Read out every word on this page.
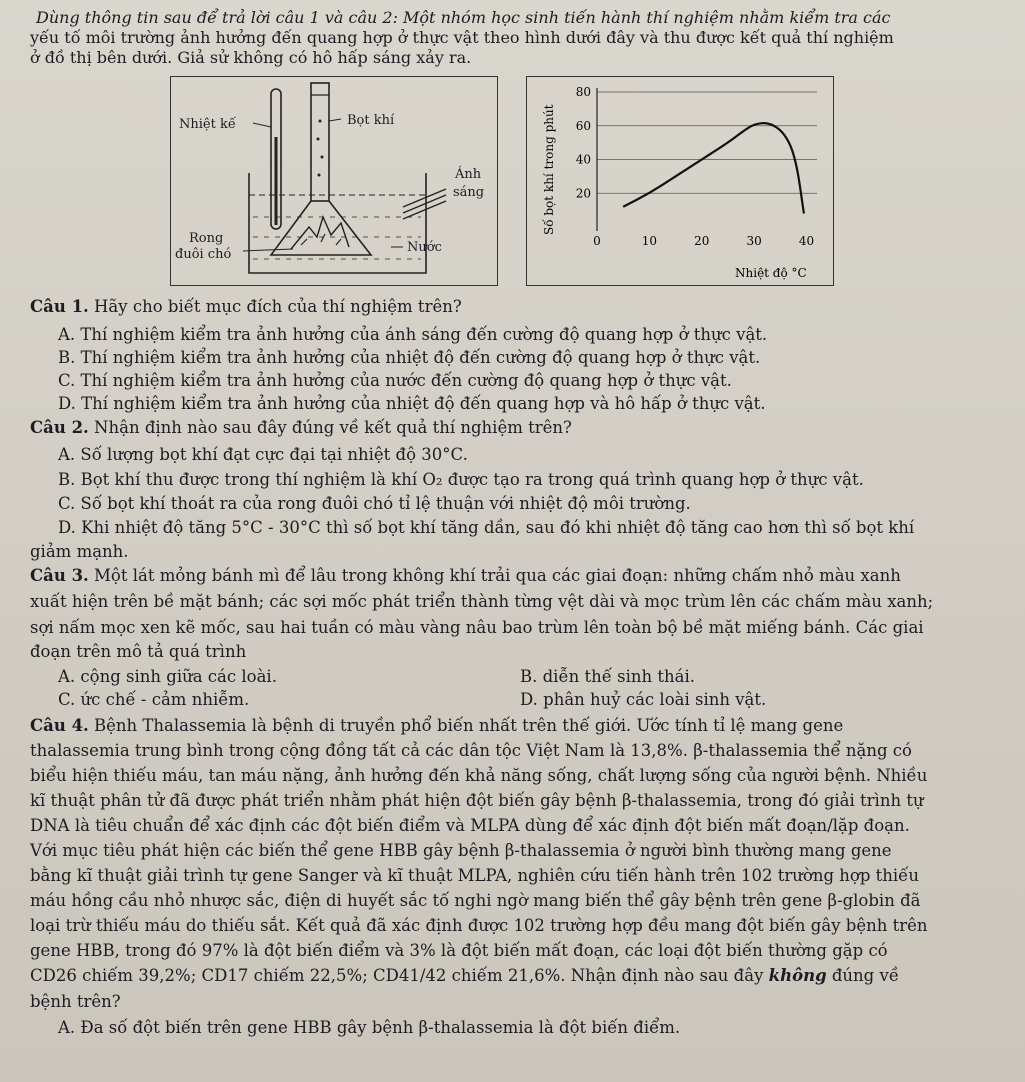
Dùng thông tin sau để trả lời câu 1 và câu 2: Một nhóm học sinh tiến hành thí nghiệm nhằm kiểm tra các
yếu tố môi trường ảnh hưởng đến quang hợp ở thực vật theo hình dưới đây và thu được kết quả thí nghiệm
ở đồ thị bên dưới. Giả sử không có hô hấp sáng xảy ra.
Nhiệt kế	Bọt khí
Ánh
sáng
Rong
đuôi chó	Nước
20
40
60
80
0	10	20	30	40
Số bọt khí trong phút
Nhiệt độ °C
Câu 1. Hãy cho biết mục đích của thí nghiệm trên?
A. Thí nghiệm kiểm tra ảnh hưởng của ánh sáng đến cường độ quang hợp ở thực vật.
B. Thí nghiệm kiểm tra ảnh hưởng của nhiệt độ đến cường độ quang hợp ở thực vật.
C. Thí nghiệm kiểm tra ảnh hưởng của nước đến cường độ quang hợp ở thực vật.
D. Thí nghiệm kiểm tra ảnh hưởng của nhiệt độ đến quang hợp và hô hấp ở thực vật.
Câu 2. Nhận định nào sau đây đúng về kết quả thí nghiệm trên?
A. Số lượng bọt khí đạt cực đại tại nhiệt độ 30°C.
B. Bọt khí thu được trong thí nghiệm là khí O₂ được tạo ra trong quá trình quang hợp ở thực vật.
C. Số bọt khí thoát ra của rong đuôi chó tỉ lệ thuận với nhiệt độ môi trường.
D. Khi nhiệt độ tăng 5°C - 30°C thì số bọt khí tăng dần, sau đó khi nhiệt độ tăng cao hơn thì số bọt khí
giảm mạnh.
Câu 3. Một lát mỏng bánh mì để lâu trong không khí trải qua các giai đoạn: những chấm nhỏ màu xanh
xuất hiện trên bề mặt bánh; các sợi mốc phát triển thành từng vệt dài và mọc trùm lên các chấm màu xanh;
sợi nấm mọc xen kẽ mốc, sau hai tuần có màu vàng nâu bao trùm lên toàn bộ bề mặt miếng bánh. Các giai
đoạn trên mô tả quá trình
A. cộng sinh giữa các loài.	B. diễn thế sinh thái.
C. ức chế - cảm nhiễm.	D. phân huỷ các loài sinh vật.
Câu 4. Bệnh Thalassemia là bệnh di truyền phổ biến nhất trên thế giới. Ước tính tỉ lệ mang gene
thalassemia trung bình trong cộng đồng tất cả các dân tộc Việt Nam là 13,8%. β-thalassemia thể nặng có
biểu hiện thiếu máu, tan máu nặng, ảnh hưởng đến khả năng sống, chất lượng sống của người bệnh. Nhiều
kĩ thuật phân tử đã được phát triển nhằm phát hiện đột biến gây bệnh β-thalassemia, trong đó giải trình tự
DNA là tiêu chuẩn để xác định các đột biến điểm và MLPA dùng để xác định đột biến mất đoạn/lặp đoạn.
Với mục tiêu phát hiện các biến thể gene HBB gây bệnh β-thalassemia ở người bình thường mang gene
bằng kĩ thuật giải trình tự gene Sanger và kĩ thuật MLPA, nghiên cứu tiến hành trên 102 trường hợp thiếu
máu hồng cầu nhỏ nhược sắc, điện di huyết sắc tố nghi ngờ mang biến thể gây bệnh trên gene β-globin đã
loại trừ thiếu máu do thiếu sắt. Kết quả đã xác định được 102 trường hợp đều mang đột biến gây bệnh trên
gene HBB, trong đó 97% là đột biến điểm và 3% là đột biến mất đoạn, các loại đột biến thường gặp có
CD26 chiếm 39,2%; CD17 chiếm 22,5%; CD41/42 chiếm 21,6%. Nhận định nào sau đây không đúng về
bệnh trên?
A. Đa số đột biến trên gene HBB gây bệnh β-thalassemia là đột biến điểm.
